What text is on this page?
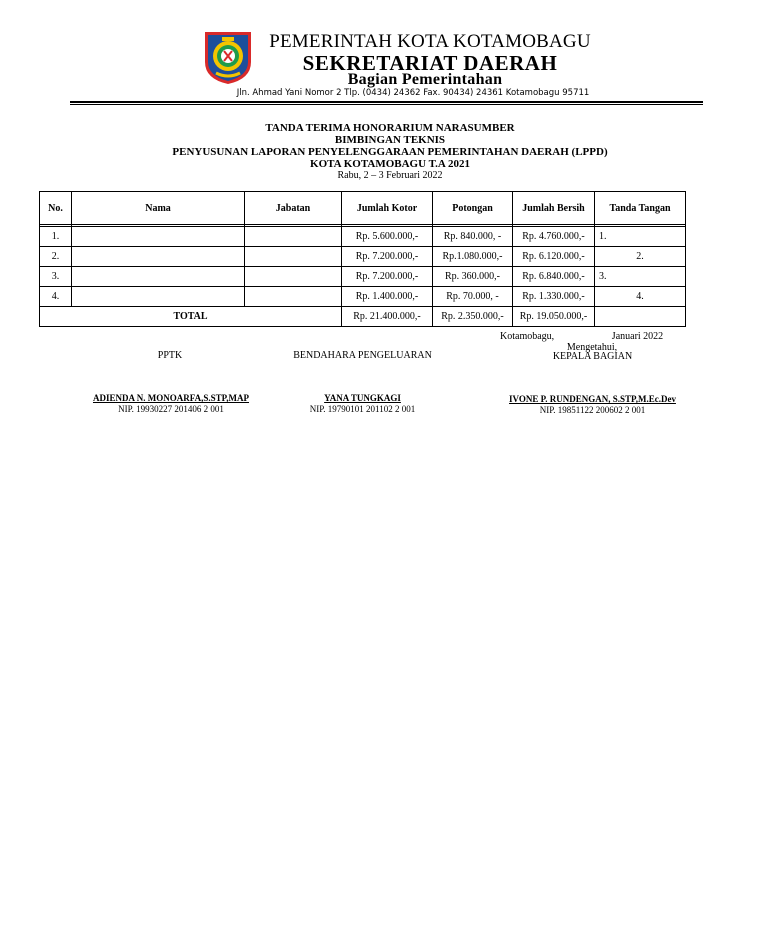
PEMERINTAH KOTA KOTAMOBAGU
SEKRETARIAT DAERAH
Bagian Pemerintahan
Jln. Ahmad Yani Nomor 2 Tlp. (0434) 24362 Fax. 90434) 24361 Kotamobagu 95711
TANDA TERIMA HONORARIUM NARASUMBER
BIMBINGAN TEKNIS
PENYUSUNAN LAPORAN PENYELENGGARAAN PEMERINTAHAN DAERAH (LPPD)
KOTA KOTAMOBAGU T.A 2021
Rabu, 2 – 3 Februari 2022
No.	Nama	Jabatan	Jumlah Kotor	Potongan	Jumlah Bersih	Tanda Tangan

1.			Rp. 5.600.000,-	Rp. 840.000, -	Rp. 4.760.000,-	1.
2.			Rp. 7.200.000,-	Rp.1.080.000,-	Rp. 6.120.000,-	2.
3.			Rp. 7.200.000,-	Rp. 360.000,-	Rp. 6.840.000,-	3.
4.			Rp. 1.400.000,-	Rp. 70.000, -	Rp. 1.330.000,-	4.
TOTAL			Rp. 21.400.000,-	Rp. 2.350.000,-	Rp. 19.050.000,-	
Kotamobagu,	Januari 2022
Mengetahui,
PPTK	BENDAHARA PENGELUARAN	KEPALA BAGIAN
ADIENDA N. MONOARFA,S.STP,MAP
NIP. 19930227 201406 2 001
YANA TUNGKAGI
NIP. 19790101 201102 2 001
IVONE P. RUNDENGAN, S.STP,M.Ec.Dev
NIP. 19851122 200602 2 001
